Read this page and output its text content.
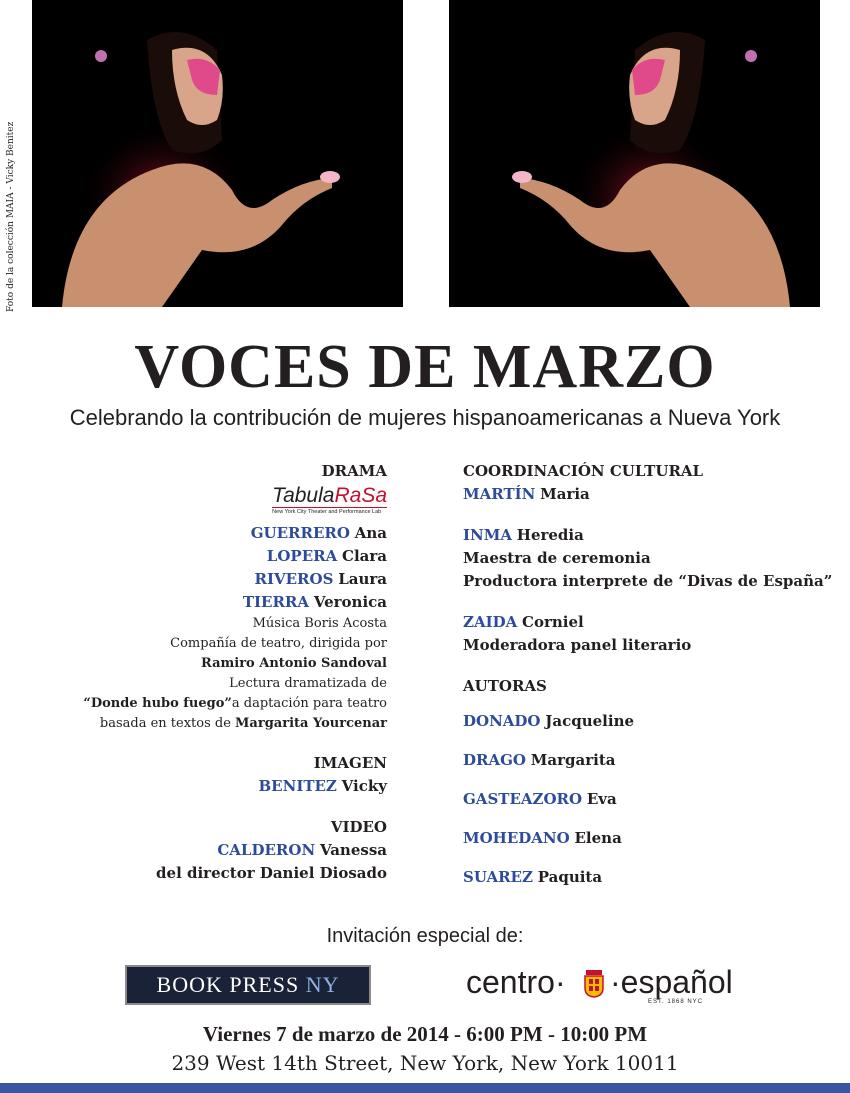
Foto de la colección MAIA - Vicky Benitez
VOCES DE MARZO
Celebrando la contribución de mujeres hispanoamericanas a Nueva York
DRAMA
TabulaRaSa
New York City Theater and Performance Lab
GUERRERO Ana
LOPERA Clara
RIVEROS Laura
TIERRA Veronica
Música Boris Acosta
Compañía de teatro, dirigida por
Ramiro Antonio Sandoval
Lectura dramatizada de
“Donde hubo fuego”a daptación para teatro
basada en textos de Margarita Yourcenar
IMAGEN
BENITEZ Vicky
VIDEO
CALDERON Vanessa
del director Daniel Diosado
COORDINACIÓN CULTURAL
MARTÍN Maria
INMA Heredia
Maestra de ceremonia
Productora interprete de “Divas de España”
ZAIDA Corniel
Moderadora panel literario
AUTORAS
DONADO Jacqueline
DRAGO Margarita
GASTEAZORO Eva
MOHEDANO Elena
SUAREZ Paquita
Invitación especial de:
BOOK PRESS NY	centro· ·español
EST. 1868 NYC
Viernes 7 de marzo de 2014 - 6:00 PM - 10:00 PM
239 West 14th Street, New York, New York 10011
